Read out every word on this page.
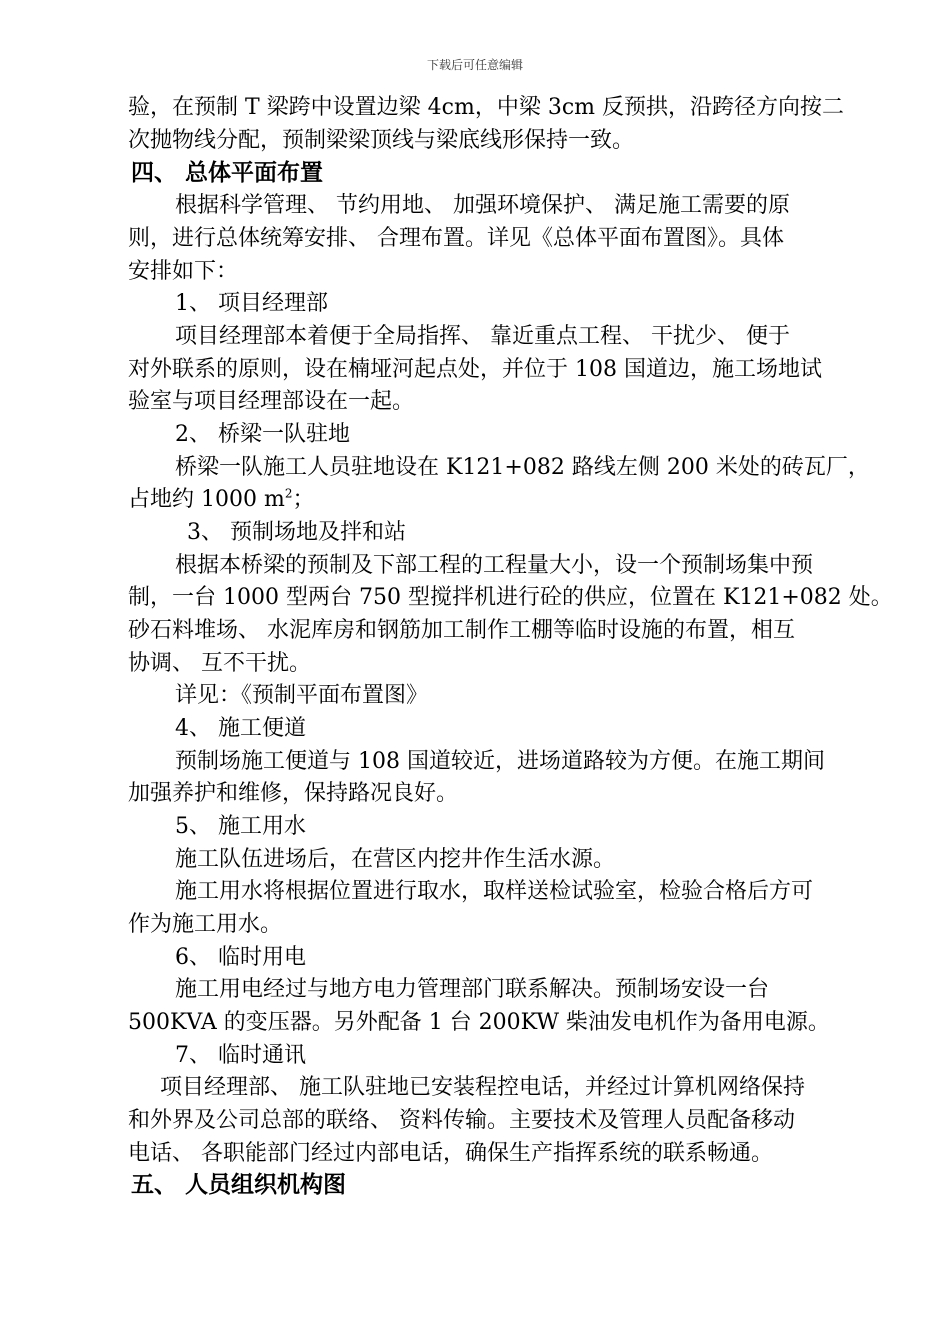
下载后可任意编辑
验，在预制 T 梁跨中设置边梁 4cm，中梁 3cm 反预拱，沿跨径方向按二
次抛物线分配，预制梁梁顶线与梁底线形保持一致。
四、 总体平面布置
根据科学管理、 节约用地、 加强环境保护、 满足施工需要的原
则，进行总体统筹安排、 合理布置。详见《总体平面布置图》。具体
安排如下：
1、 项目经理部
项目经理部本着便于全局指挥、 靠近重点工程、 干扰少、 便于
对外联系的原则，设在楠垭河起点处，并位于 108 国道边，施工场地试
验室与项目经理部设在一起。
2、 桥梁一队驻地
桥梁一队施工人员驻地设在 K121+082 路线左侧 200 米处的砖瓦厂，
占地约 1000 $m^2$；
3、 预制场地及拌和站
根据本桥梁的预制及下部工程的工程量大小，设一个预制场集中预
制，一台 1000 型两台 750 型搅拌机进行砼的供应，位置在 K121+082 处。
砂石料堆场、 水泥库房和钢筋加工制作工棚等临时设施的布置，相互
协调、 互不干扰。
详见：《预制平面布置图》
4、 施工便道
预制场施工便道与 108 国道较近，进场道路较为方便。在施工期间
加强养护和维修，保持路况良好。
5、 施工用水
施工队伍进场后，在营区内挖井作生活水源。
施工用水将根据位置进行取水，取样送检试验室，检验合格后方可
作为施工用水。
6、 临时用电
施工用电经过与地方电力管理部门联系解决。预制场安设一台
500KVA 的变压器。另外配备 1 台 200KW 柴油发电机作为备用电源。
7、 临时通讯
项目经理部、 施工队驻地已安装程控电话，并经过计算机网络保持
和外界及公司总部的联络、 资料传输。主要技术及管理人员配备移动
电话、 各职能部门经过内部电话，确保生产指挥系统的联系畅通。
五、 人员组织机构图
